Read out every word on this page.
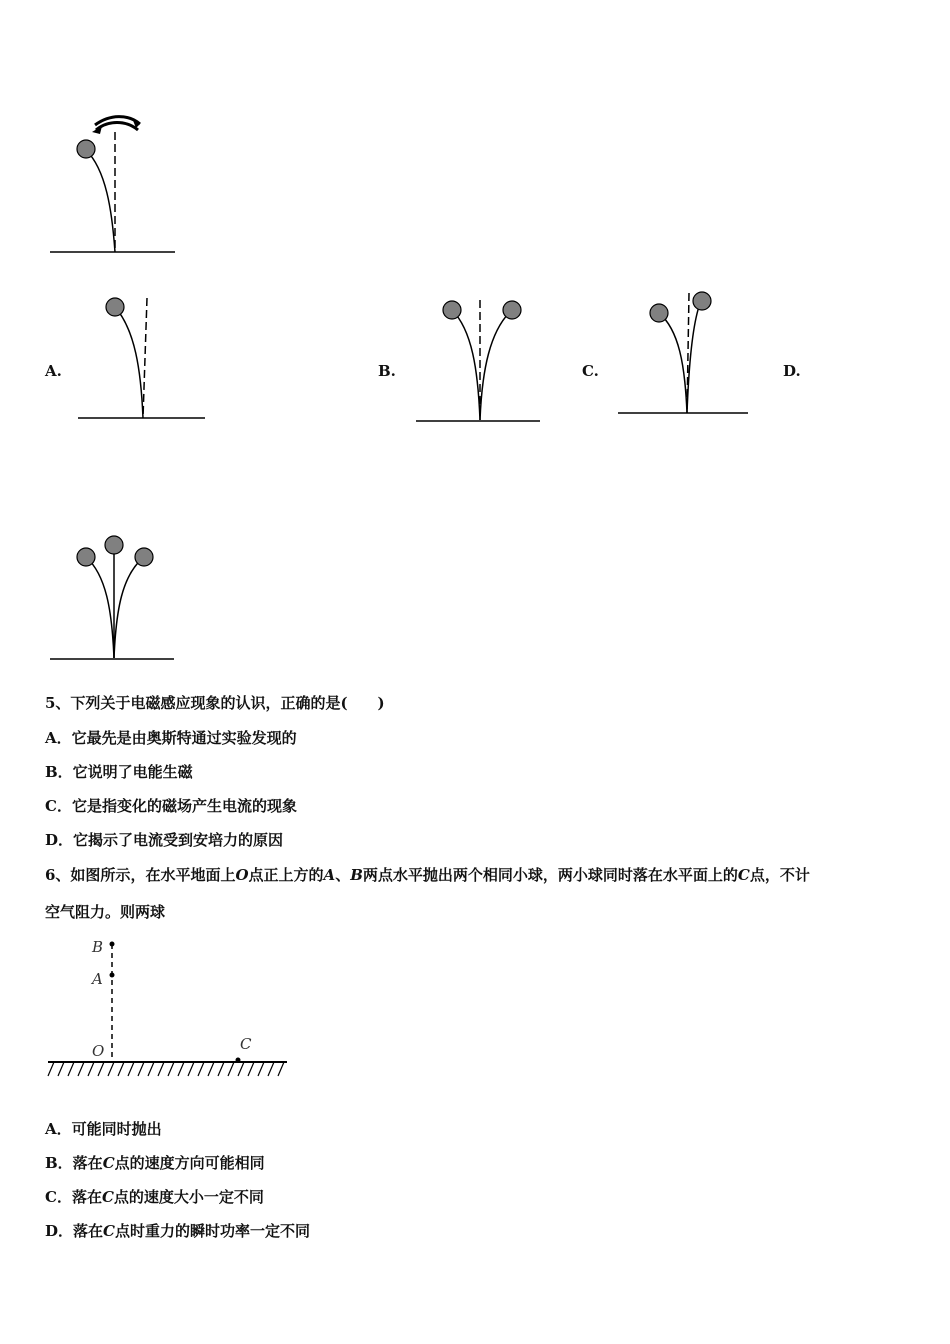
A.	B.	C.	D.
5、下列关于电磁感应现象的认识，正确的是(　　)
A．它最先是由奥斯特通过实验发现的
B．它说明了电能生磁
C．它是指变化的磁场产生电流的现象
D．它揭示了电流受到安培力的原因
6、如图所示，在水平地面上O点正上方的A、B两点水平抛出两个相同小球，两小球同时落在水平面上的C点，不计
空气阻力。则两球
B
A
O	C
A．可能同时抛出
B．落在C点的速度方向可能相同
C．落在C点的速度大小一定不同
D．落在C点时重力的瞬时功率一定不同
